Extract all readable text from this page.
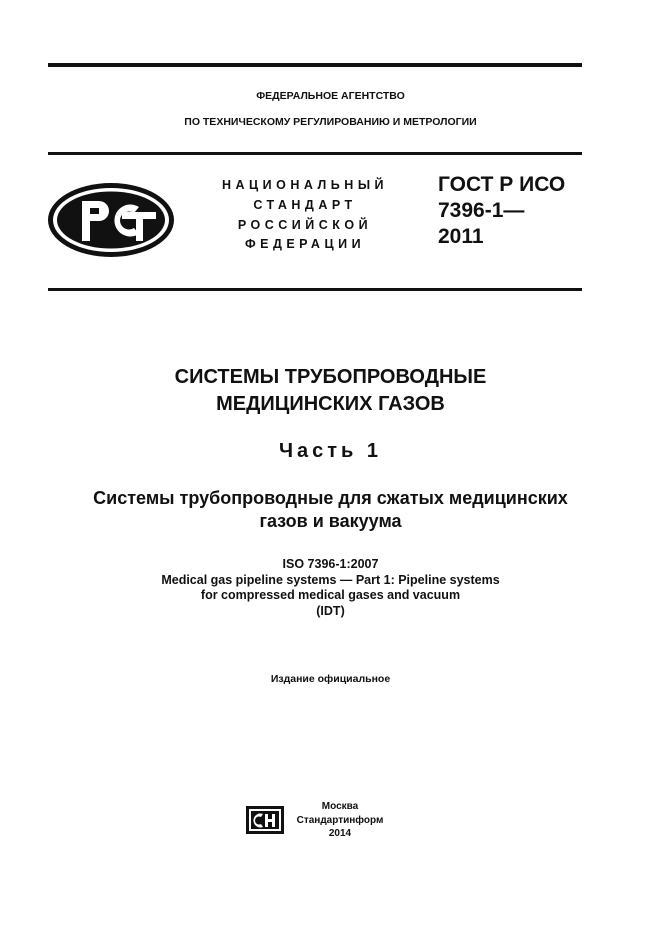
ФЕДЕРАЛЬНОЕ АГЕНТСТВО
ПО ТЕХНИЧЕСКОМУ РЕГУЛИРОВАНИЮ И МЕТРОЛОГИИ
НАЦИОНАЛЬНЫЙ
СТАНДАРТ
РОССИЙСКОЙ
ФЕДЕРАЦИИ
ГОСТ Р ИСО
7396-1—
2011
СИСТЕМЫ ТРУБОПРОВОДНЫЕ
МЕДИЦИНСКИХ ГАЗОВ
Часть 1
Системы трубопроводные для сжатых медицинских
газов и вакуума
ISO 7396-1:2007
Medical gas pipeline systems — Part 1: Pipeline systems
for compressed medical gases and vacuum
(IDT)
Издание официальное
Москва
Стандартинформ
2014
